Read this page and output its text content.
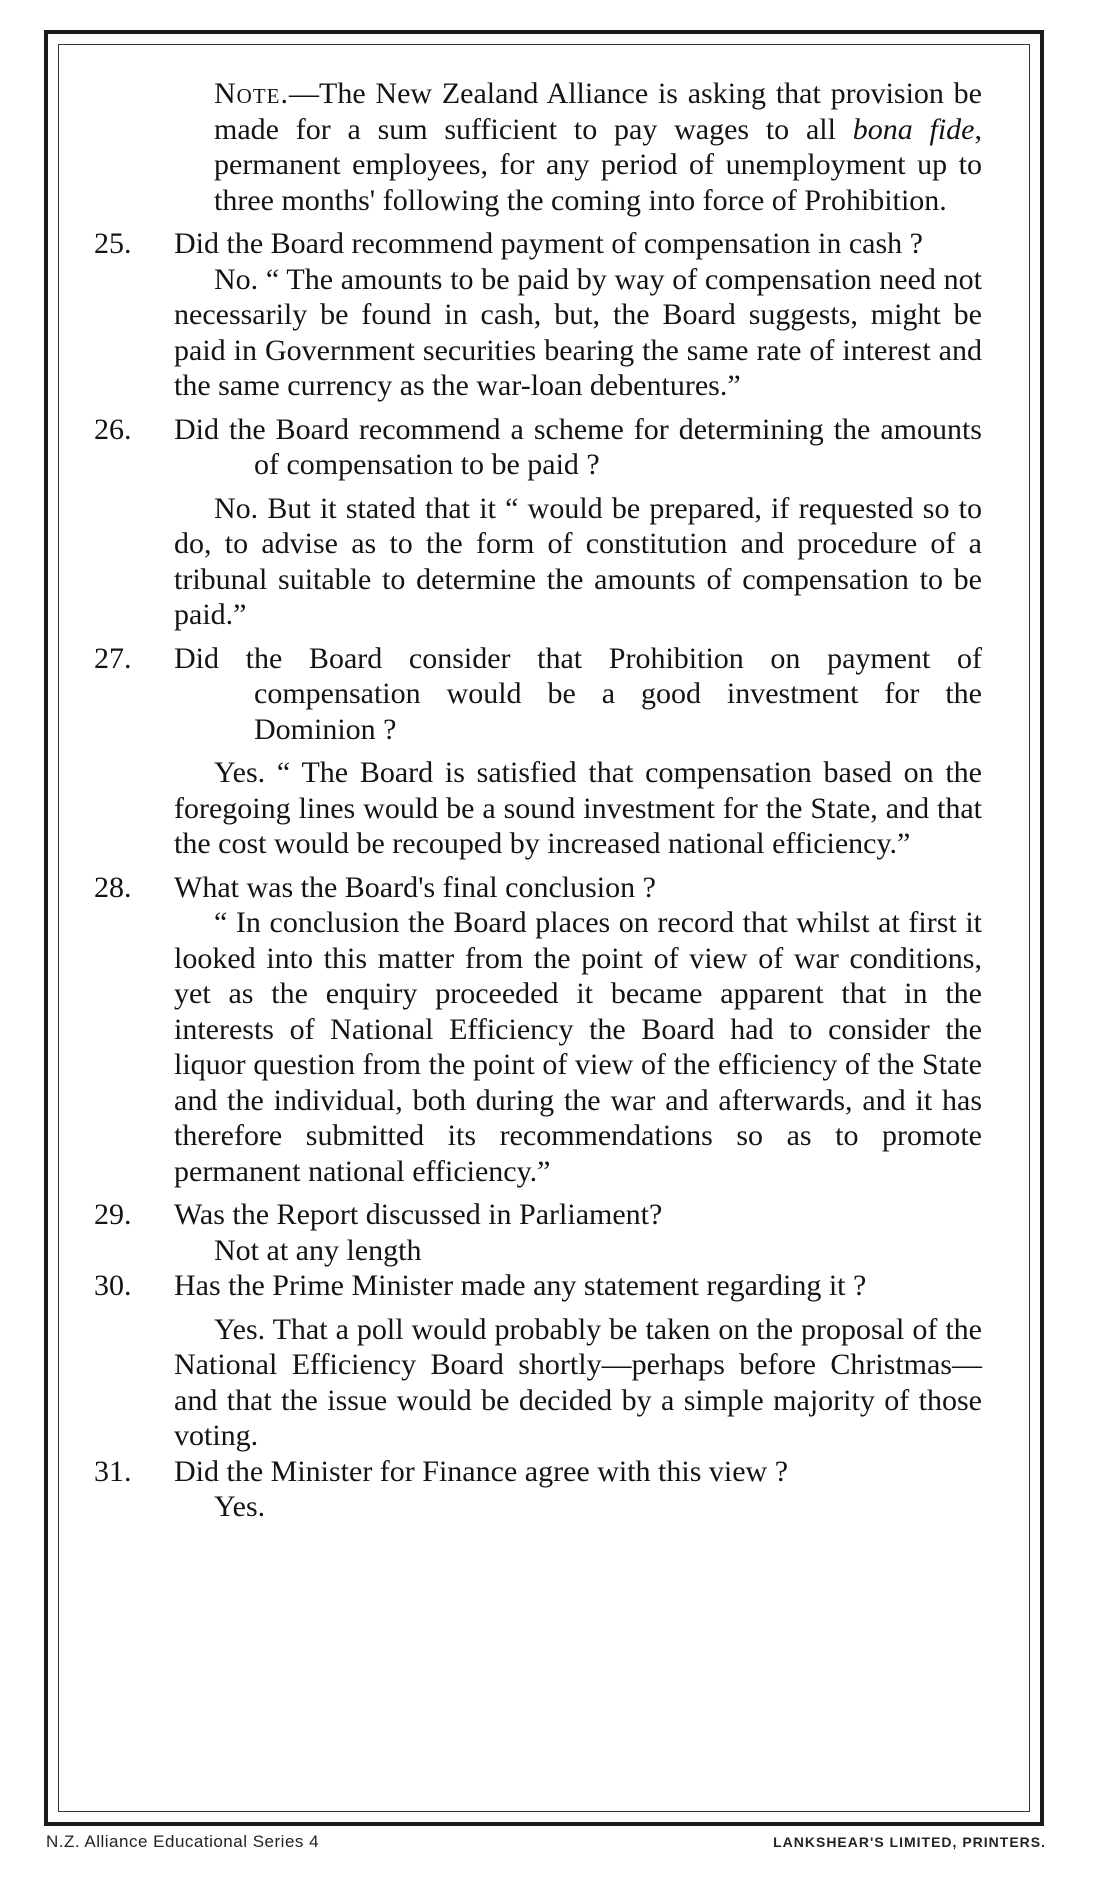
Note.—The New Zealand Alliance is asking that provision be made for a sum sufficient to pay wages to all bona fide, permanent employees, for any period of unemployment up to three months' following the coming into force of Prohibition.
25.	Did the Board recommend payment of compensation in cash ?
No. “ The amounts to be paid by way of compensation need not necessarily be found in cash, but, the Board suggests, might be paid in Government securities bearing the same rate of interest and the same currency as the war-loan debentures.”
26.	Did the Board recommend a scheme for determining the amounts of compensation to be paid ?
No. But it stated that it “ would be prepared, if requested so to do, to advise as to the form of constitution and procedure of a tribunal suitable to determine the amounts of compensation to be paid.”
27.	Did the Board consider that Prohibition on payment of compensation would be a good investment for the Dominion ?
Yes. “ The Board is satisfied that compensation based on the foregoing lines would be a sound investment for the State, and that the cost would be recouped by increased national efficiency.”
28.	What was the Board's final conclusion ?
“ In conclusion the Board places on record that whilst at first it looked into this matter from the point of view of war conditions, yet as the enquiry proceeded it became apparent that in the interests of National Efficiency the Board had to consider the liquor question from the point of view of the efficiency of the State and the individual, both during the war and afterwards, and it has therefore submitted its recommendations so as to promote permanent national efficiency.”
29.	Was the Report discussed in Parliament?
Not at any length
30.	Has the Prime Minister made any statement regarding it ?
Yes. That a poll would probably be taken on the proposal of the National Efficiency Board shortly—perhaps before Christmas—and that the issue would be decided by a simple majority of those voting.
31.	Did the Minister for Finance agree with this view ?
Yes.
N.Z. Alliance Educational Series 4	LANKSHEAR'S LIMITED, PRINTERS.
